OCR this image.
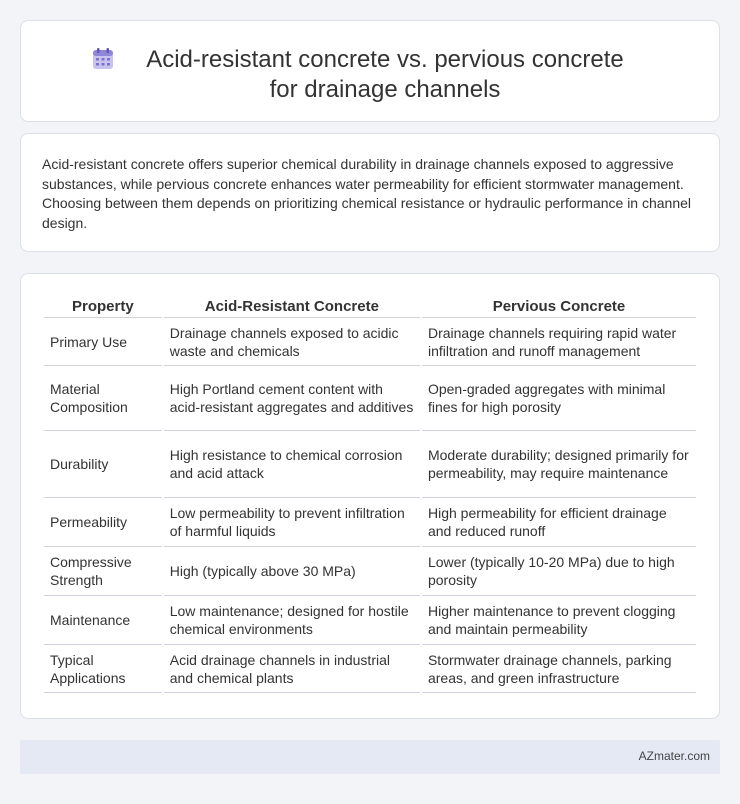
Acid-resistant concrete vs. pervious concrete for drainage channels

Acid-resistant concrete offers superior chemical durability in drainage channels exposed to aggressive substances, while pervious concrete enhances water permeability for efficient stormwater management. Choosing between them depends on prioritizing chemical resistance or hydraulic performance in channel design.

Property	Acid-Resistant Concrete	Pervious Concrete
Primary Use	Drainage channels exposed to acidic waste and chemicals	Drainage channels requiring rapid water infiltration and runoff management
Material Composition	High Portland cement content with acid-resistant aggregates and additives	Open-graded aggregates with minimal fines for high porosity
Durability	High resistance to chemical corrosion and acid attack	Moderate durability; designed primarily for permeability, may require maintenance
Permeability	Low permeability to prevent infiltration of harmful liquids	High permeability for efficient drainage and reduced runoff
Compressive Strength	High (typically above 30 MPa)	Lower (typically 10-20 MPa) due to high porosity
Maintenance	Low maintenance; designed for hostile chemical environments	Higher maintenance to prevent clogging and maintain permeability
Typical Applications	Acid drainage channels in industrial and chemical plants	Stormwater drainage channels, parking areas, and green infrastructure
AZmater.com
